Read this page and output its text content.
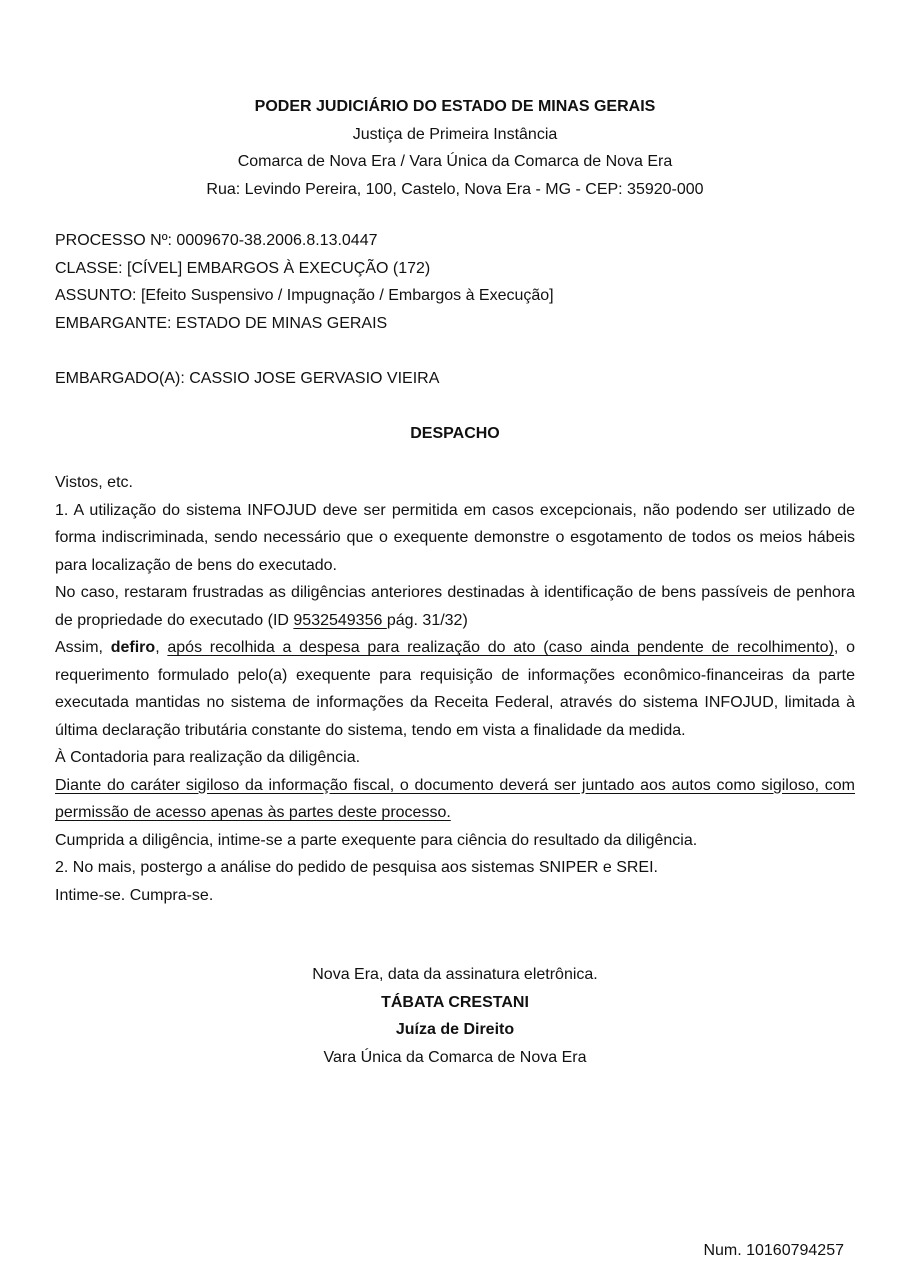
PODER JUDICIÁRIO DO ESTADO DE MINAS GERAIS
Justiça de Primeira Instância
Comarca de Nova Era / Vara Única da Comarca de Nova Era
Rua: Levindo Pereira, 100, Castelo, Nova Era - MG - CEP: 35920-000
PROCESSO Nº: 0009670-38.2006.8.13.0447
CLASSE: [CÍVEL] EMBARGOS À EXECUÇÃO (172)
ASSUNTO: [Efeito Suspensivo / Impugnação / Embargos à Execução]
EMBARGANTE: ESTADO DE MINAS GERAIS
EMBARGADO(A): CASSIO JOSE GERVASIO VIEIRA
DESPACHO

Vistos, etc.

1. A utilização do sistema INFOJUD deve ser permitida em casos excepcionais, não podendo ser utilizado de forma indiscriminada, sendo necessário que o exequente demonstre o esgotamento de todos os meios hábeis para localização de bens do executado.

No caso, restaram frustradas as diligências anteriores destinadas à identificação de bens passíveis de penhora de propriedade do executado (ID 9532549356 pág. 31/32)

Assim, defiro, após recolhida a despesa para realização do ato (caso ainda pendente de recolhimento), o requerimento formulado pelo(a) exequente para requisição de informações econômico-financeiras da parte executada mantidas no sistema de informações da Receita Federal, através do sistema INFOJUD, limitada à última declaração tributária constante do sistema, tendo em vista a finalidade da medida.

À Contadoria para realização da diligência.

Diante do caráter sigiloso da informação fiscal, o documento deverá ser juntado aos autos como sigiloso, com permissão de acesso apenas às partes deste processo.

Cumprida a diligência, intime-se a parte exequente para ciência do resultado da diligência.

2. No mais, postergo a análise do pedido de pesquisa aos sistemas SNIPER e SREI.

Intime-se. Cumpra-se.

Nova Era, data da assinatura eletrônica.
TÁBATA CRESTANI
Juíza de Direito
Vara Única da Comarca de Nova Era
Num. 10160794257
